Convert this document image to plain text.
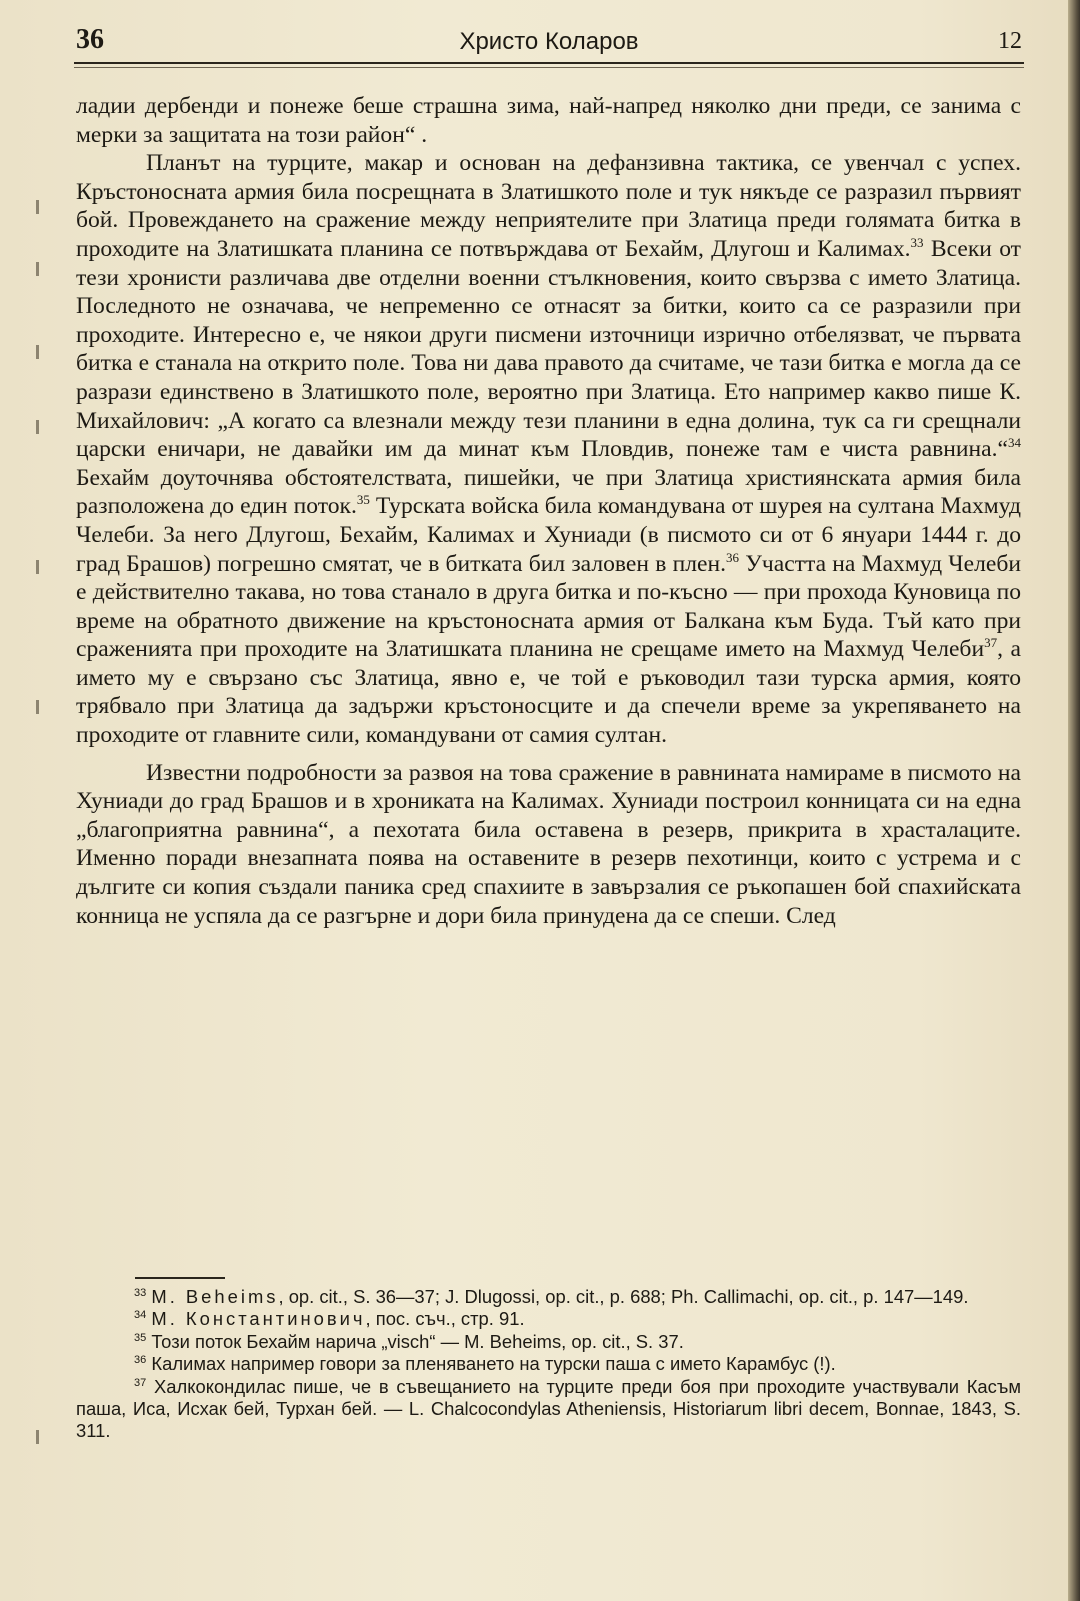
36	Христо Коларов	12

ладии дербенди и понеже беше страшна зима, най-напред няколко дни преди, се занима с мерки за защитата на този район“ .

Планът на турците, макар и основан на дефанзивна тактика, се увенчал с успех. Кръстоносната армия била посрещната в Златишкото поле и тук някъде се разразил първият бой. Провеждането на сражение между неприятелите при Златица преди голямата битка в проходите на Златишката планина се потвърждава от Бехайм, Длугош и Калимах.$^{33}$ Всеки от тези хронисти различава две отделни военни стълкновения, които свързва с името Златица. Последното не означава, че непременно се отнасят за битки, които са се разразили при проходите. Интересно е, че някои други писмени източници изрично отбелязват, че първата битка е станала на открито поле. Това ни дава правото да считаме, че тази битка е могла да се разрази единствено в Златишкото поле, вероятно при Златица. Ето например какво пише К. Михайлович: „А когато са влезнали между тези планини в една долина, тук са ги срещнали царски еничари, не давайки им да минат към Пловдив, понеже там е чиста равнина.“$^{34}$ Бехайм доуточнява обстоятелствата, пишейки, че при Златица християнската армия била разположена до един поток.$^{35}$ Турската войска била командувана от шурея на султана Махмуд Челеби. За него Длугош, Бехайм, Калимах и Хуниади (в писмото си от 6 януари 1444 г. до град Брашов) погрешно смятат, че в битката бил заловен в плен.$^{36}$ Участта на Махмуд Челеби е действително такава, но това станало в друга битка и по-късно — при прохода Куновица по време на обратното движение на кръстоносната армия от Балкана към Буда. Тъй като при сраженията при проходите на Златишката планина не срещаме името на Махмуд Челеби$^{37}$, а името му е свързано със Златица, явно е, че той е ръководил тази турска армия, която трябвало при Златица да задържи кръстоносците и да спечели време за укрепяването на проходите от главните сили, командувани от самия султан.

Известни подробности за развоя на това сражение в равнината намираме в писмото на Хуниади до град Брашов и в хрониката на Калимах. Хуниади построил конницата си на една „благоприятна равнина“, а пехотата била оставена в резерв, прикрита в храсталаците. Именно поради внезапната поява на оставените в резерв пехотинци, които с устрема и с дългите си копия създали паника сред спахиите в завързалия се ръкопашен бой спахийската конница не успяла да се разгърне и дори била принудена да се спеши. След

$^{33}$ M. Beheims, op. cit., S. 36—37; J. Dlugossi, op. cit., p. 688; Ph. Callimachi, op. cit., p. 147—149.

$^{34}$ М. Константинович, пос. съч., стр. 91.

$^{35}$ Този поток Бехайм нарича „visch“ — M. Beheims, op. cit., S. 37.

$^{36}$ Калимах например говори за пленяването на турски паша с името Карамбус (!).

$^{37}$ Халкокондилас пише, че в съвещанието на турците преди боя при проходите участвували Касъм паша, Иса, Исхак бей, Турхан бей. — L. Chalcocondylas Atheniensis, Historiarum libri decem, Bonnae, 1843, S. 311.
